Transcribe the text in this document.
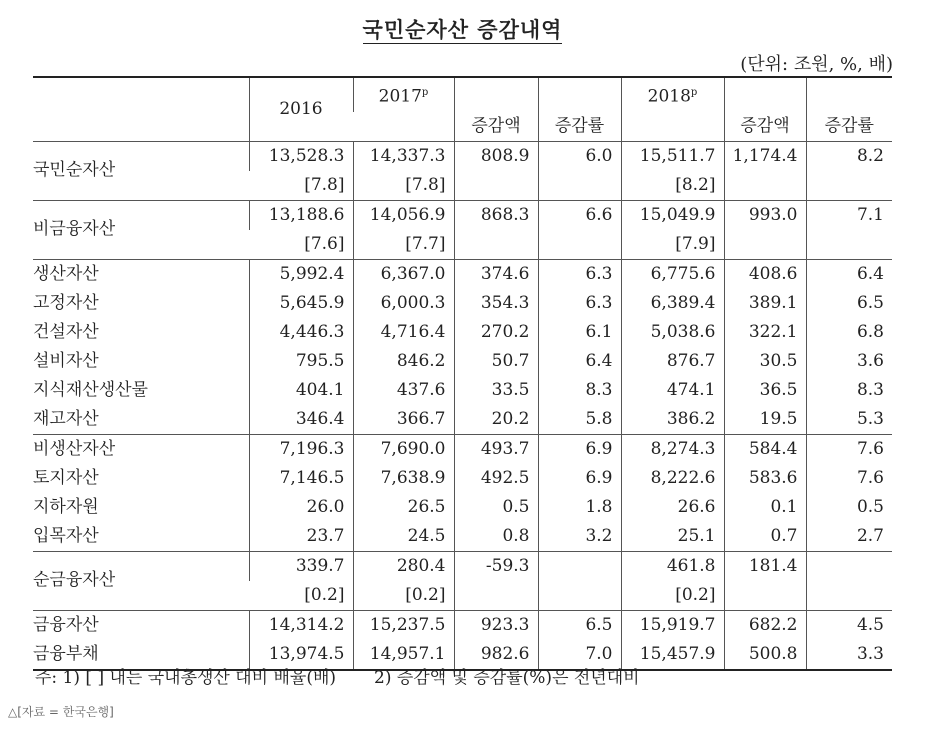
국민순자산 증감내역
(단위: 조원, %, 배)
	2016	2017$^p$			2018$^p$		
			증감액	증감률		증감액	증감률
국민순자산	13,528.3	14,337.3	808.9	6.0	15,511.7	1,174.4	8.2
	[7.8]	[7.8]			[8.2]		
비금융자산	13,188.6	14,056.9	868.3	6.6	15,049.9	993.0	7.1
	[7.6]	[7.7]			[7.9]		
생산자산	5,992.4	6,367.0	374.6	6.3	6,775.6	408.6	6.4
고정자산	5,645.9	6,000.3	354.3	6.3	6,389.4	389.1	6.5
건설자산	4,446.3	4,716.4	270.2	6.1	5,038.6	322.1	6.8
설비자산	795.5	846.2	50.7	6.4	876.7	30.5	3.6
지식재산생산물	404.1	437.6	33.5	8.3	474.1	36.5	8.3
재고자산	346.4	366.7	20.2	5.8	386.2	19.5	5.3
비생산자산	7,196.3	7,690.0	493.7	6.9	8,274.3	584.4	7.6
토지자산	7,146.5	7,638.9	492.5	6.9	8,222.6	583.6	7.6
지하자원	26.0	26.5	0.5	1.8	26.6	0.1	0.5
입목자산	23.7	24.5	0.8	3.2	25.1	0.7	2.7
순금융자산	339.7	280.4	-59.3		461.8	181.4	
	[0.2]	[0.2]			[0.2]		
금융자산	14,314.2	15,237.5	923.3	6.5	15,919.7	682.2	4.5
금융부채	13,974.5	14,957.1	982.6	7.0	15,457.9	500.8	3.3
주: 1) [ ] 내는 국내총생산 대비 배율(배) 2) 증감액 및 증감률(%)은 전년대비
△[자료 = 한국은행]
